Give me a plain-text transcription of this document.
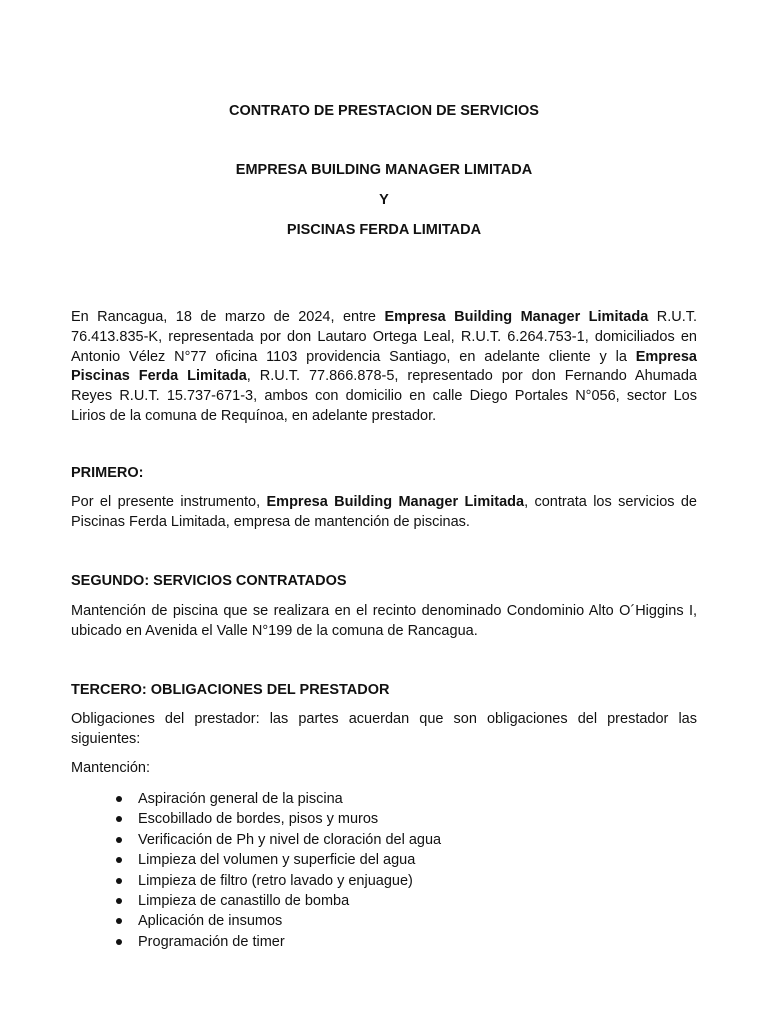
CONTRATO DE PRESTACION DE SERVICIOS
EMPRESA BUILDING MANAGER LIMITADA
Y
PISCINAS FERDA LIMITADA
En Rancagua, 18 de marzo de 2024, entre Empresa Building Manager Limitada R.U.T. 76.413.835-K, representada por don Lautaro Ortega Leal, R.U.T. 6.264.753-1, domiciliados en Antonio Vélez N°77 oficina 1103 providencia Santiago, en adelante cliente y la Empresa Piscinas Ferda Limitada, R.U.T. 77.866.878-5, representado por don Fernando Ahumada Reyes R.U.T. 15.737-671-3, ambos con domicilio en calle Diego Portales N°056, sector Los Lirios de la comuna de Requínoa, en adelante prestador.
PRIMERO:
Por el presente instrumento, Empresa Building Manager Limitada, contrata los servicios de Piscinas Ferda Limitada, empresa de mantención de piscinas.
SEGUNDO: SERVICIOS CONTRATADOS
Mantención de piscina que se realizara en el recinto denominado Condominio Alto O´Higgins I, ubicado en Avenida el Valle N°199 de la comuna de Rancagua.
TERCERO: OBLIGACIONES DEL PRESTADOR
Obligaciones del prestador: las partes acuerdan que son obligaciones del prestador las siguientes:
Mantención:
Aspiración general de la piscina
Escobillado de bordes, pisos y muros
Verificación de Ph y nivel de cloración del agua
Limpieza del volumen y superficie del agua
Limpieza de filtro (retro lavado y enjuague)
Limpieza de canastillo de bomba
Aplicación de insumos
Programación de timer
